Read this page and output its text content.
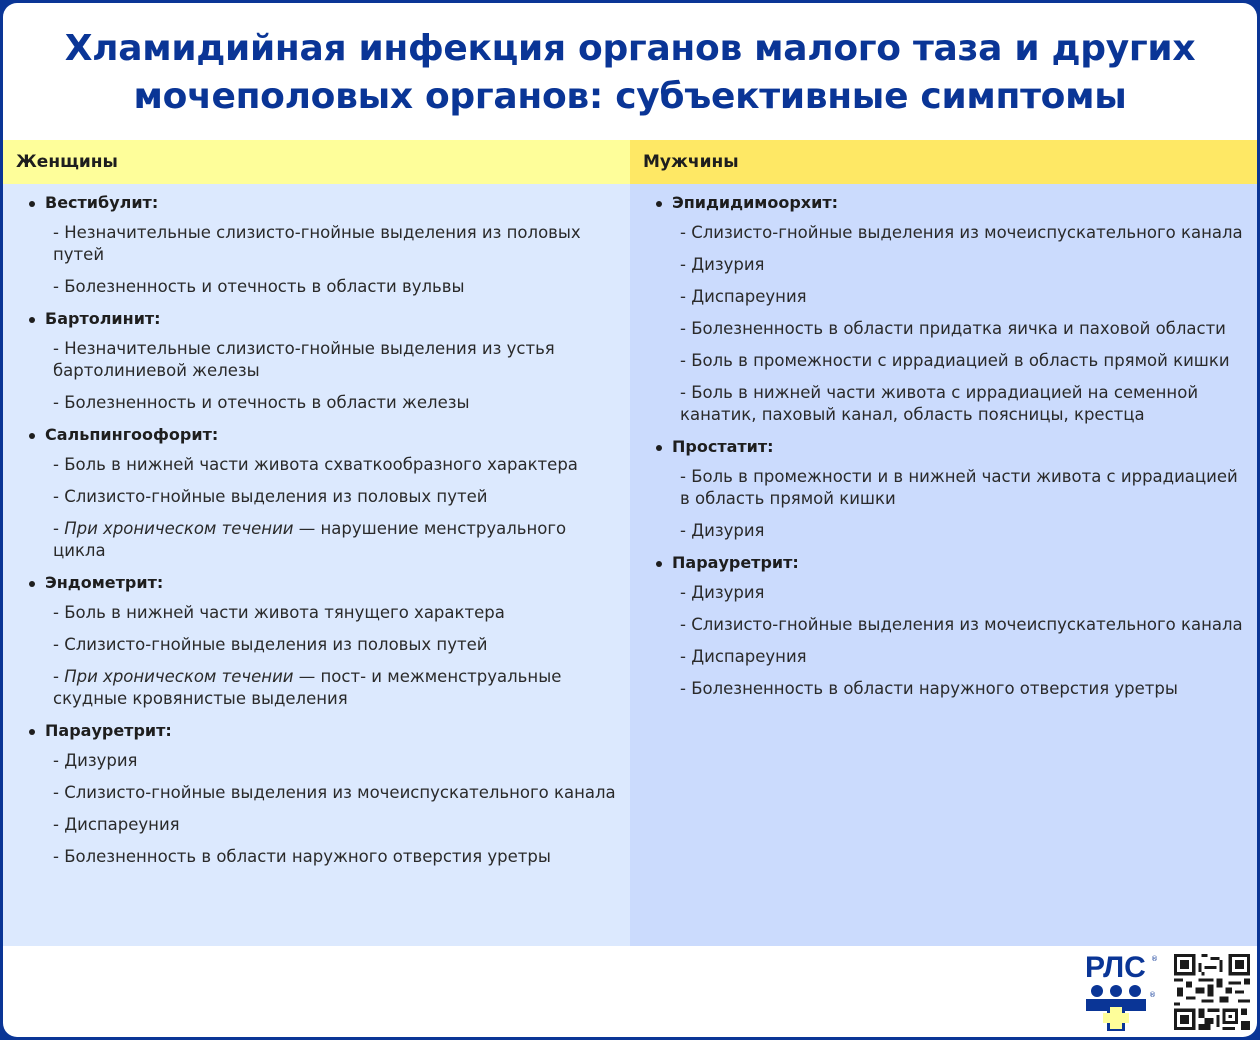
Хламидийная инфекция органов малого таза и других
мочеполовых органов: субъективные симптомы
Женщины
Вестибулит:
- Незначительные слизисто-гнойные выделения из половых путей
- Болезненность и отечность в области вульвы
Бартолинит:
- Незначительные слизисто-гнойные выделения из устья бартолиниевой железы
- Болезненность и отечность в области железы
Сальпингоофорит:
- Боль в нижней части живота схваткообразного характера
- Слизисто-гнойные выделения из половых путей
- При хроническом течении — нарушение менструального цикла
Эндометрит:
- Боль в нижней части живота тянущего характера
- Слизисто-гнойные выделения из половых путей
- При хроническом течении — пост- и межменструальные скудные кровянистые выделения
Парауретрит:
- Дизурия
- Слизисто-гнойные выделения из мочеиспускательного канала
- Диспареуния
- Болезненность в области наружного отверстия уретры
Мужчины
Эпидидимоорхит:
- Слизисто-гнойные выделения из мочеиспускательного канала
- Дизурия
- Диспареуния
- Болезненность в области придатка яичка и паховой области
- Боль в промежности с иррадиацией в область прямой кишки
- Боль в нижней части живота с иррадиацией на семенной канатик, паховый канал, область поясницы, крестца
Простатит:
- Боль в промежности и в нижней части живота с иррадиацией в область прямой кишки
- Дизурия
Парауретрит:
- Дизурия
- Слизисто-гнойные выделения из мочеиспускательного канала
- Диспареуния
- Болезненность в области наружного отверстия уретры
РЛС ®
®
